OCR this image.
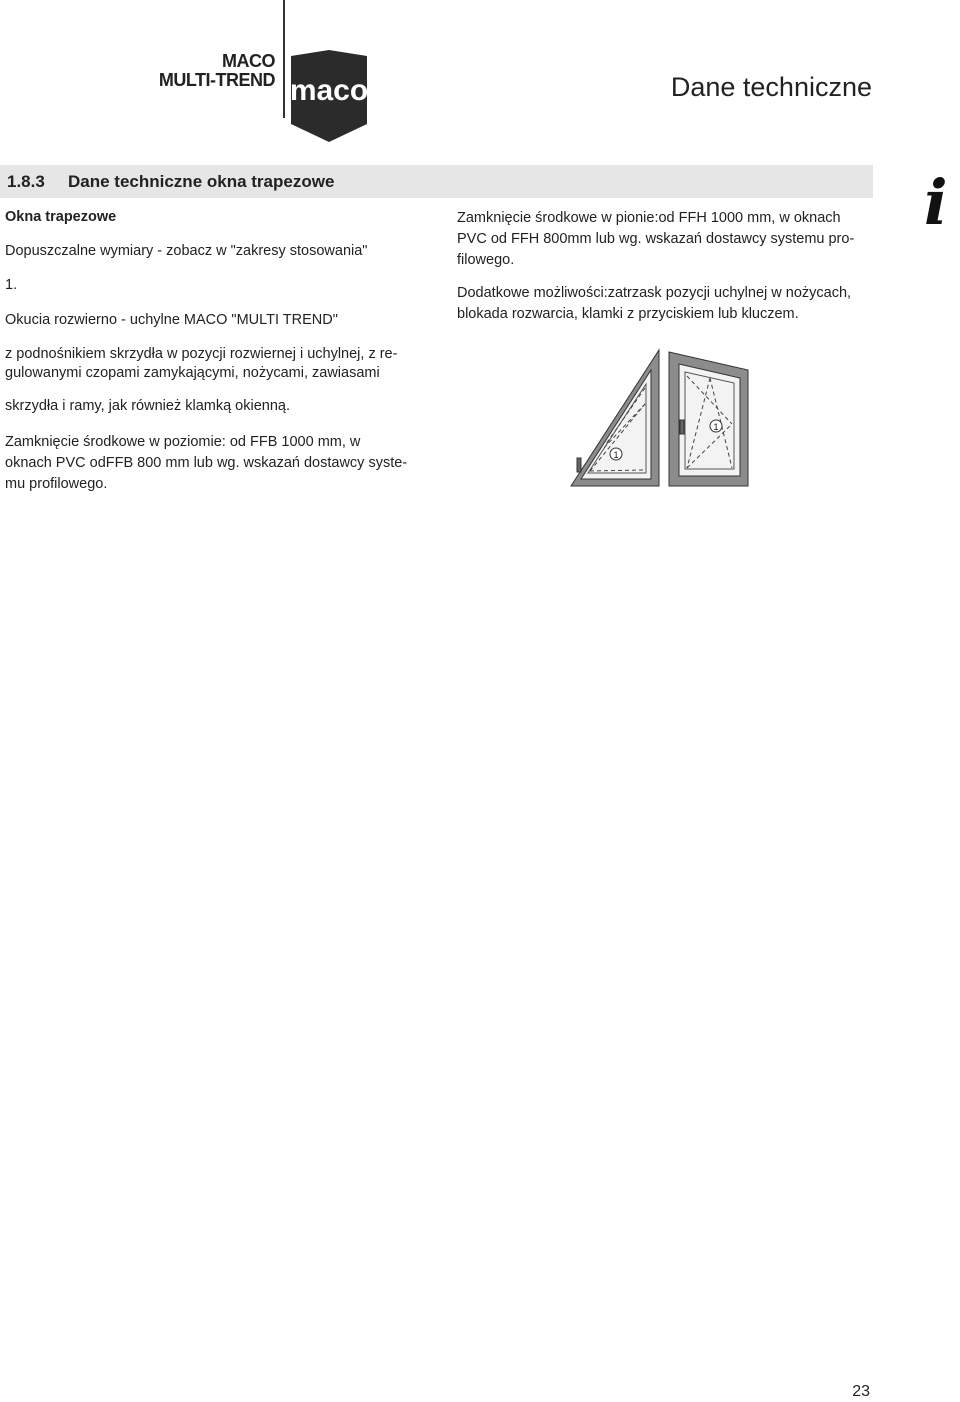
MACO
MULTI-TREND maco	Dane techniczne
1.8.3 Dane techniczne okna trapezowe
Okna trapezowe
Dopuszczalne wymiary - zobacz w "zakresy stosowania"
1.
Okucia rozwierno - uchylne MACO "MULTI TREND"
z podnośnikiem skrzydła w pozycji rozwiernej i uchylnej, z re-
gulowanymi czopami zamykającymi, nożycami, zawiasami
skrzydła i ramy, jak również klamką okienną.
Zamknięcie środkowe w poziomie: od FFB 1000 mm, w
oknach PVC odFFB 800 mm lub wg. wskazań dostawcy syste-
mu profilowego.
Zamknięcie środkowe w pionie:od FFH 1000 mm, w oknach
PVC od FFH 800mm lub wg. wskazań dostawcy systemu pro-
filowego.
Dodatkowe możliwości:zatrzask pozycji uchylnej w nożycach,
blokada rozwarcia, klamki z przyciskiem lub kluczem.
i
1
1
23
